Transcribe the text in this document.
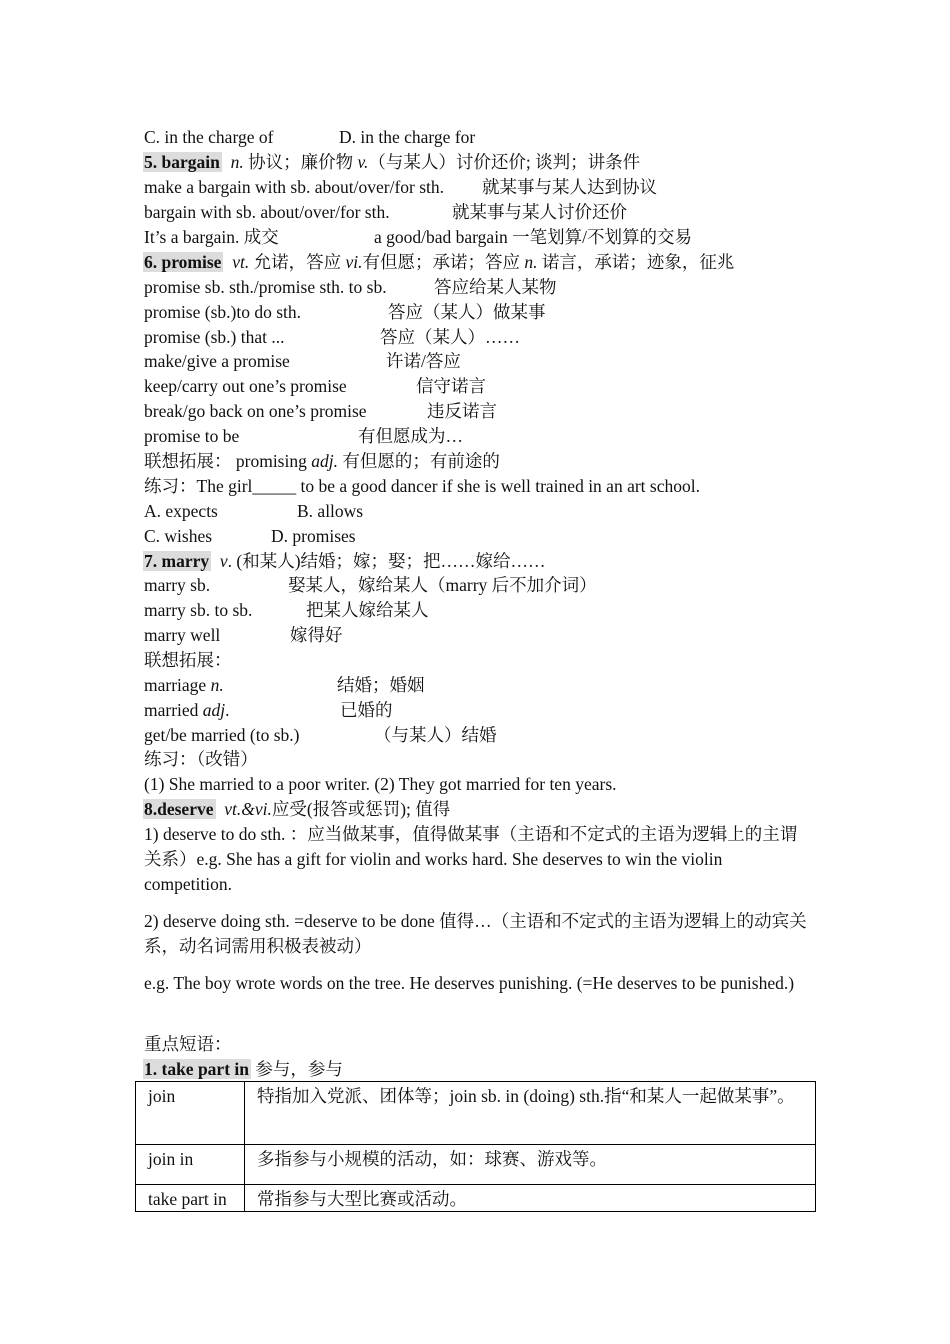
C. in the charge of	D. in the charge for
5. bargain n. 协议；廉价物 v.（与某人）讨价还价; 谈判；讲条件
make a bargain with sb. about/over/for sth. 就某事与某人达到协议
bargain with sb. about/over/for sth.	就某事与某人讨价还价
It’s a bargain. 成交	a good/bad bargain 一笔划算/不划算的交易
6. promise vt. 允诺，答应 vi.有但愿；承诺；答应 n. 诺言，承诺；迹象，征兆
promise sb. sth./promise sth. to sb.	答应给某人某物
promise (sb.)to do sth.	答应（某人）做某事
promise (sb.) that ...	答应（某人）……
make/give a promise	许诺/答应
keep/carry out one’s promise	信守诺言
break/go back on one’s promise	违反诺言
promise to be	有但愿成为…
联想拓展： promising adj. 有但愿的；有前途的
练习：The girl_____ to be a good dancer if she is well trained in an art school.
A. expects	B. allows
C. wishes	D. promises
7. marry v. (和某人)结婚；嫁；娶；把……嫁给……
marry sb.	娶某人，嫁给某人（marry 后不加介词）
marry sb. to sb.	把某人嫁给某人
marry well	嫁得好
联想拓展：
marriage n.	结婚；婚姻
married adj.	已婚的
get/be married (to sb.)	（与某人）结婚
练习：（改错）
(1) She married to a poor writer. (2) They got married for ten years.
8.deserve vt.&vi.应受(报答或惩罚); 值得
1) deserve to do sth. ：应当做某事，值得做某事（主语和不定式的主语为逻辑上的主谓关系）e.g. She has a gift for violin and works hard. She deserves to win the violin competition.
2) deserve doing sth. =deserve to be done 值得…（主语和不定式的主语为逻辑上的动宾关系，动名词需用积极表被动）
e.g. The boy wrote words on the tree. He deserves punishing. (=He deserves to be punished.)
重点短语：
1. take part in 参与，参与
join	特指加入党派、团体等；join sb. in (doing) sth.指“和某人一起做某事”。
join in	多指参与小规模的活动，如：球赛、游戏等。
take part in	常指参与大型比赛或活动。
